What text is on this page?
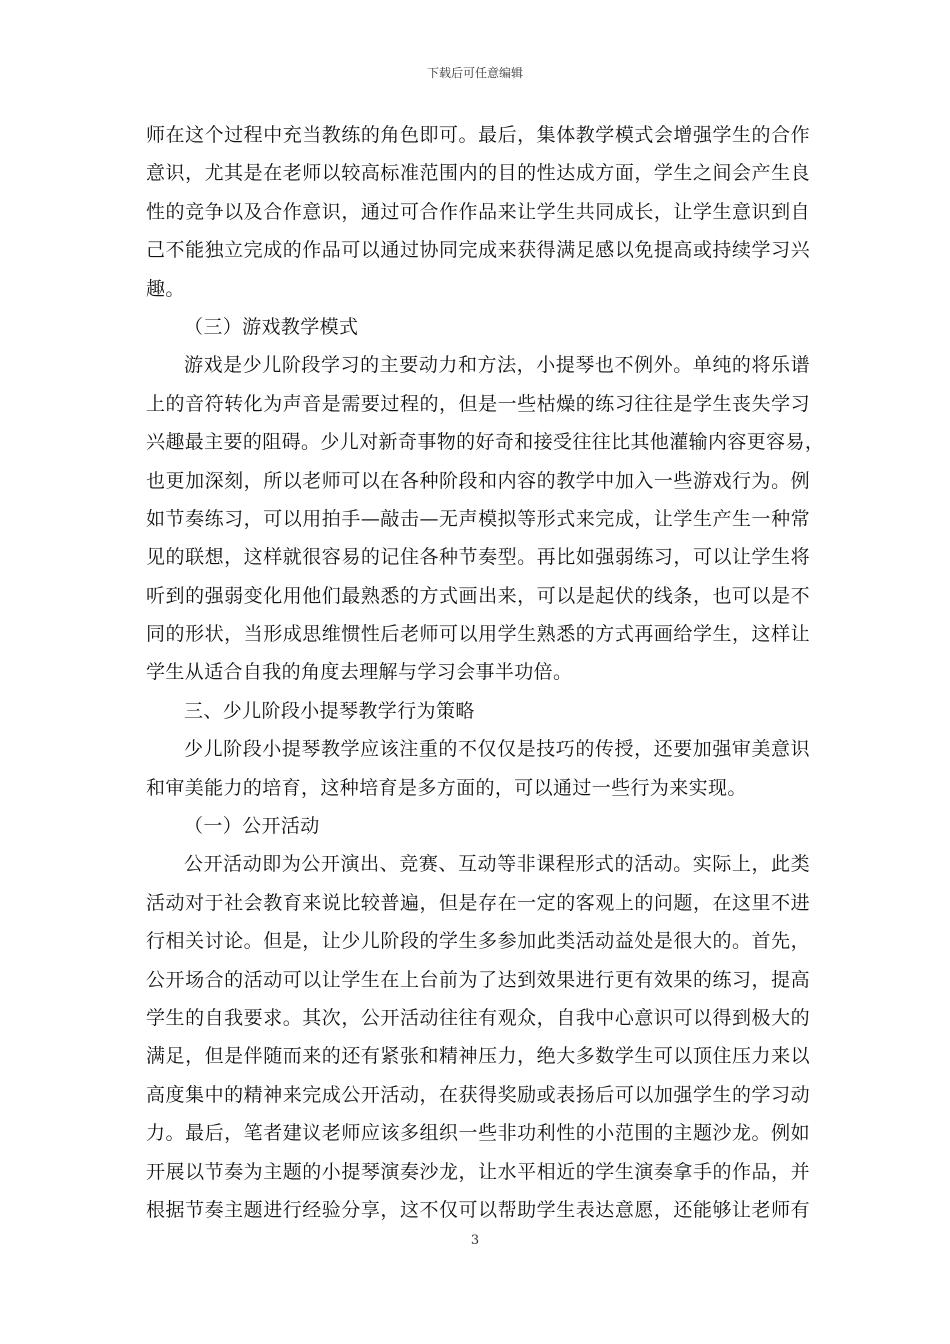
下载后可任意编辑
师在这个过程中充当教练的角色即可。最后，集体教学模式会增强学生的合作
意识，尤其是在老师以较高标准范围内的目的性达成方面，学生之间会产生良
性的竞争以及合作意识，通过可合作作品来让学生共同成长，让学生意识到自
己不能独立完成的作品可以通过协同完成来获得满足感以免提高或持续学习兴
趣。
（三）游戏教学模式
游戏是少儿阶段学习的主要动力和方法，小提琴也不例外。单纯的将乐谱
上的音符转化为声音是需要过程的，但是一些枯燥的练习往往是学生丧失学习
兴趣最主要的阻碍。少儿对新奇事物的好奇和接受往往比其他灌输内容更容易，
也更加深刻，所以老师可以在各种阶段和内容的教学中加入一些游戏行为。例
如节奏练习，可以用拍手—敲击—无声模拟等形式来完成，让学生产生一种常
见的联想，这样就很容易的记住各种节奏型。再比如强弱练习，可以让学生将
听到的强弱变化用他们最熟悉的方式画出来，可以是起伏的线条，也可以是不
同的形状，当形成思维惯性后老师可以用学生熟悉的方式再画给学生，这样让
学生从适合自我的角度去理解与学习会事半功倍。
三、少儿阶段小提琴教学行为策略
少儿阶段小提琴教学应该注重的不仅仅是技巧的传授，还要加强审美意识
和审美能力的培育，这种培育是多方面的，可以通过一些行为来实现。
（一）公开活动
公开活动即为公开演出、竞赛、互动等非课程形式的活动。实际上，此类
活动对于社会教育来说比较普遍，但是存在一定的客观上的问题，在这里不进
行相关讨论。但是，让少儿阶段的学生多参加此类活动益处是很大的。首先，
公开场合的活动可以让学生在上台前为了达到效果进行更有效果的练习，提高
学生的自我要求。其次，公开活动往往有观众，自我中心意识可以得到极大的
满足，但是伴随而来的还有紧张和精神压力，绝大多数学生可以顶住压力来以
高度集中的精神来完成公开活动，在获得奖励或表扬后可以加强学生的学习动
力。最后，笔者建议老师应该多组织一些非功利性的小范围的主题沙龙。例如
开展以节奏为主题的小提琴演奏沙龙，让水平相近的学生演奏拿手的作品，并
根据节奏主题进行经验分享，这不仅可以帮助学生表达意愿，还能够让老师有
3
